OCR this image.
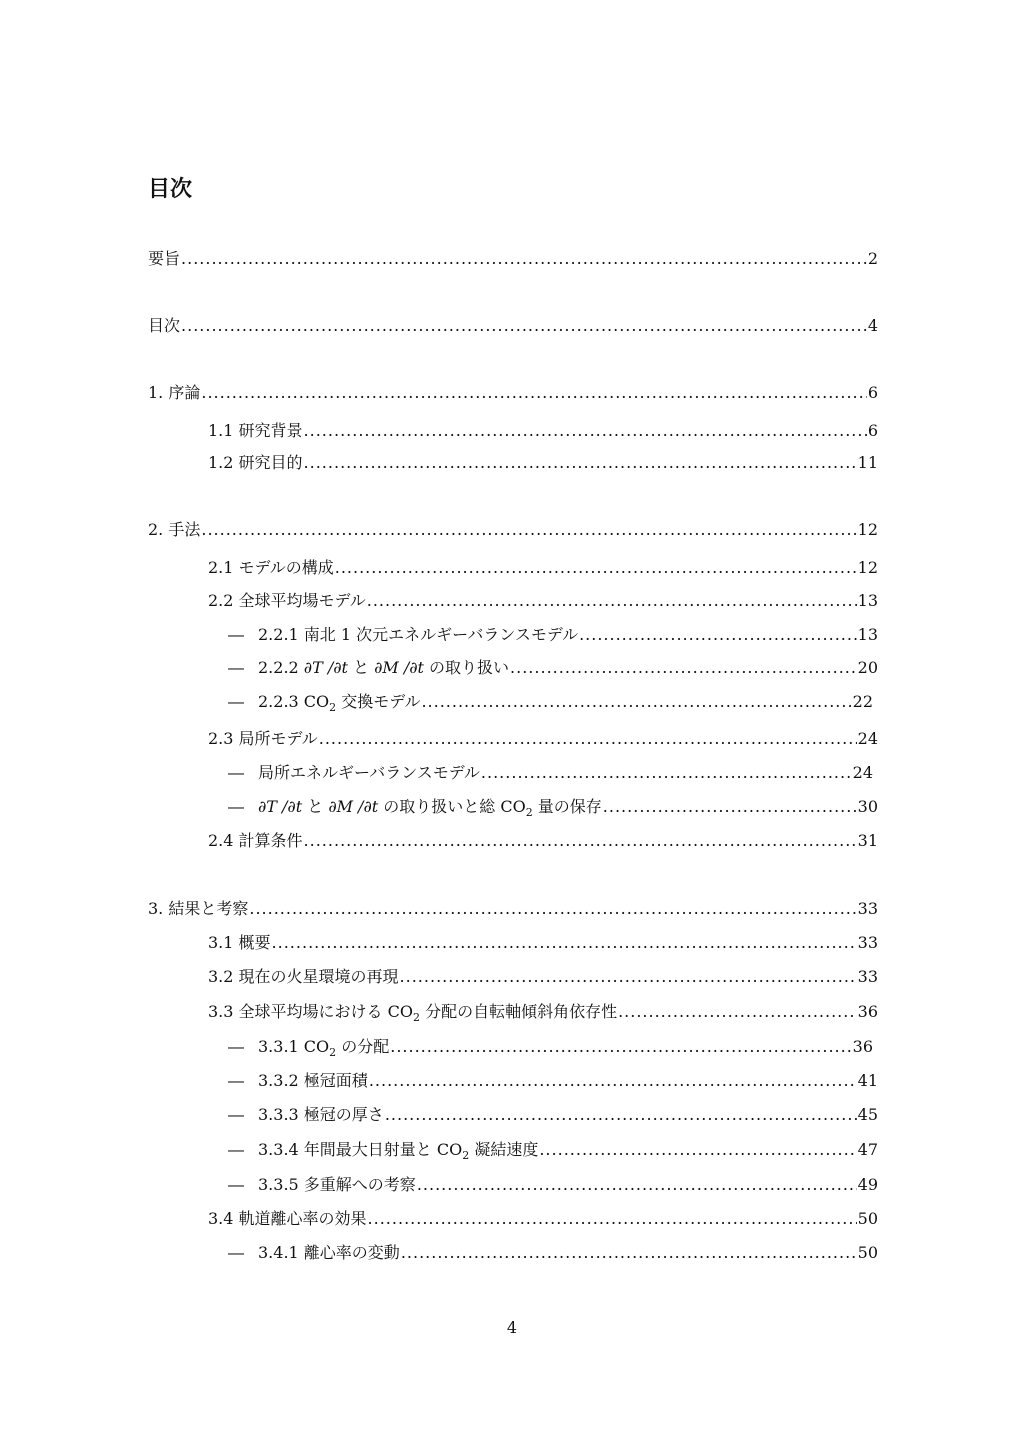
目次
要旨 .....	2
目次 .....	4
1. 序論 .....	6
1.1 研究背景 .....	6
1.2 研究目的 .....	11
2. 手法 .....	12
2.1 モデルの構成 .....	12
2.2 全球平均場モデル .....	13
― 2.2.1 南北 1 次元エネルギーバランスモデル .....	13
― 2.2.2 ∂T /∂t と ∂M /∂t の取り扱い .....	20
― 2.2.3 $CO_2$ 交換モデル .....	22
2.3 局所モデル .....	24
― 局所エネルギーバランスモデル .....	24
― ∂T /∂t と ∂M /∂t の取り扱いと総 $CO_2$ 量の保存 .....	30
2.4 計算条件 .....	31
3. 結果と考察 .....	33
3.1 概要 .....	33
3.2 現在の火星環境の再現 .....	33
3.3 全球平均場における $CO_2$ 分配の自転軸傾斜角依存性 .....	36
― 3.3.1 $CO_2$ の分配 .....	36
― 3.3.2 極冠面積 .....	41
― 3.3.3 極冠の厚さ .....	45
― 3.3.4 年間最大日射量と $CO_2$ 凝結速度 .....	47
― 3.3.5 多重解への考察 .....	49
3.4 軌道離心率の効果 .....	50
― 3.4.1 離心率の変動 .....	50
4
